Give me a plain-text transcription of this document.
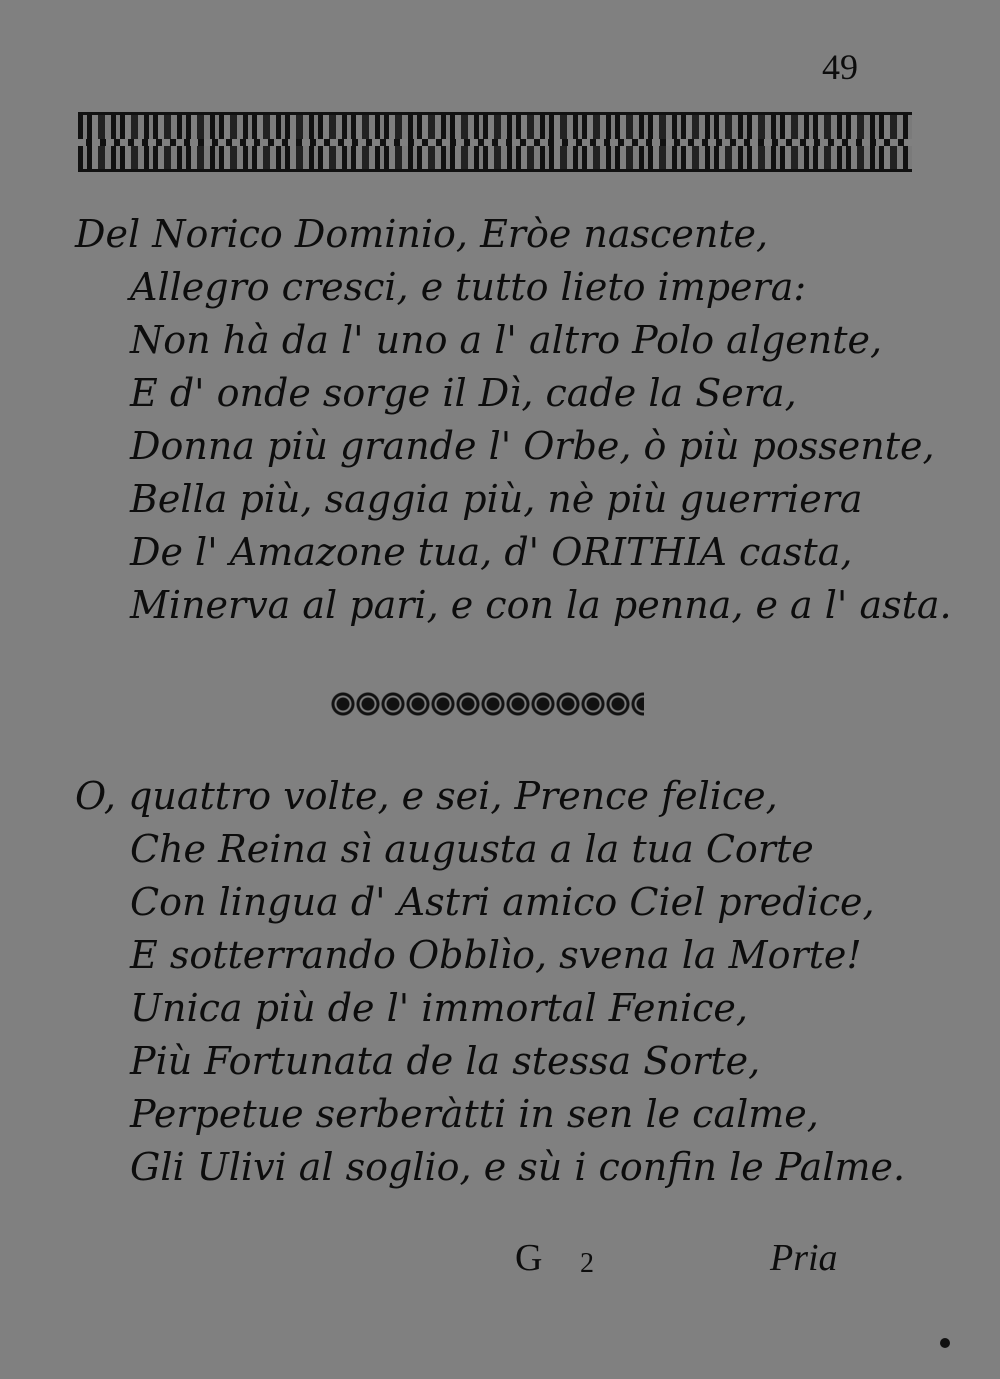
49
Del Norico Dominio, Eròe nascente,
Allegro cresci, e tutto lieto impera:
Non hà da l' uno a l' altro Polo algente,
E d' onde sorge il Dì, cade la Sera,
Donna più grande l' Orbe, ò più possente,
Bella più, saggia più, nè più guerriera
De l' Amazone tua, d' ORITHIA casta,
Minerva al pari, e con la penna, e a l' asta.
O, quattro volte, e sei, Prence felice,
Che Reina sì augusta a la tua Corte
Con lingua d' Astri amico Ciel predice,
E sotterrando Obblìo, svena la Morte!
Unica più de l' immortal Fenice,
Più Fortunata de la stessa Sorte,
Perpetue serberàtti in sen le calme,
Gli Ulivi al soglio, e sù i confin le Palme.
G 2	Pria
